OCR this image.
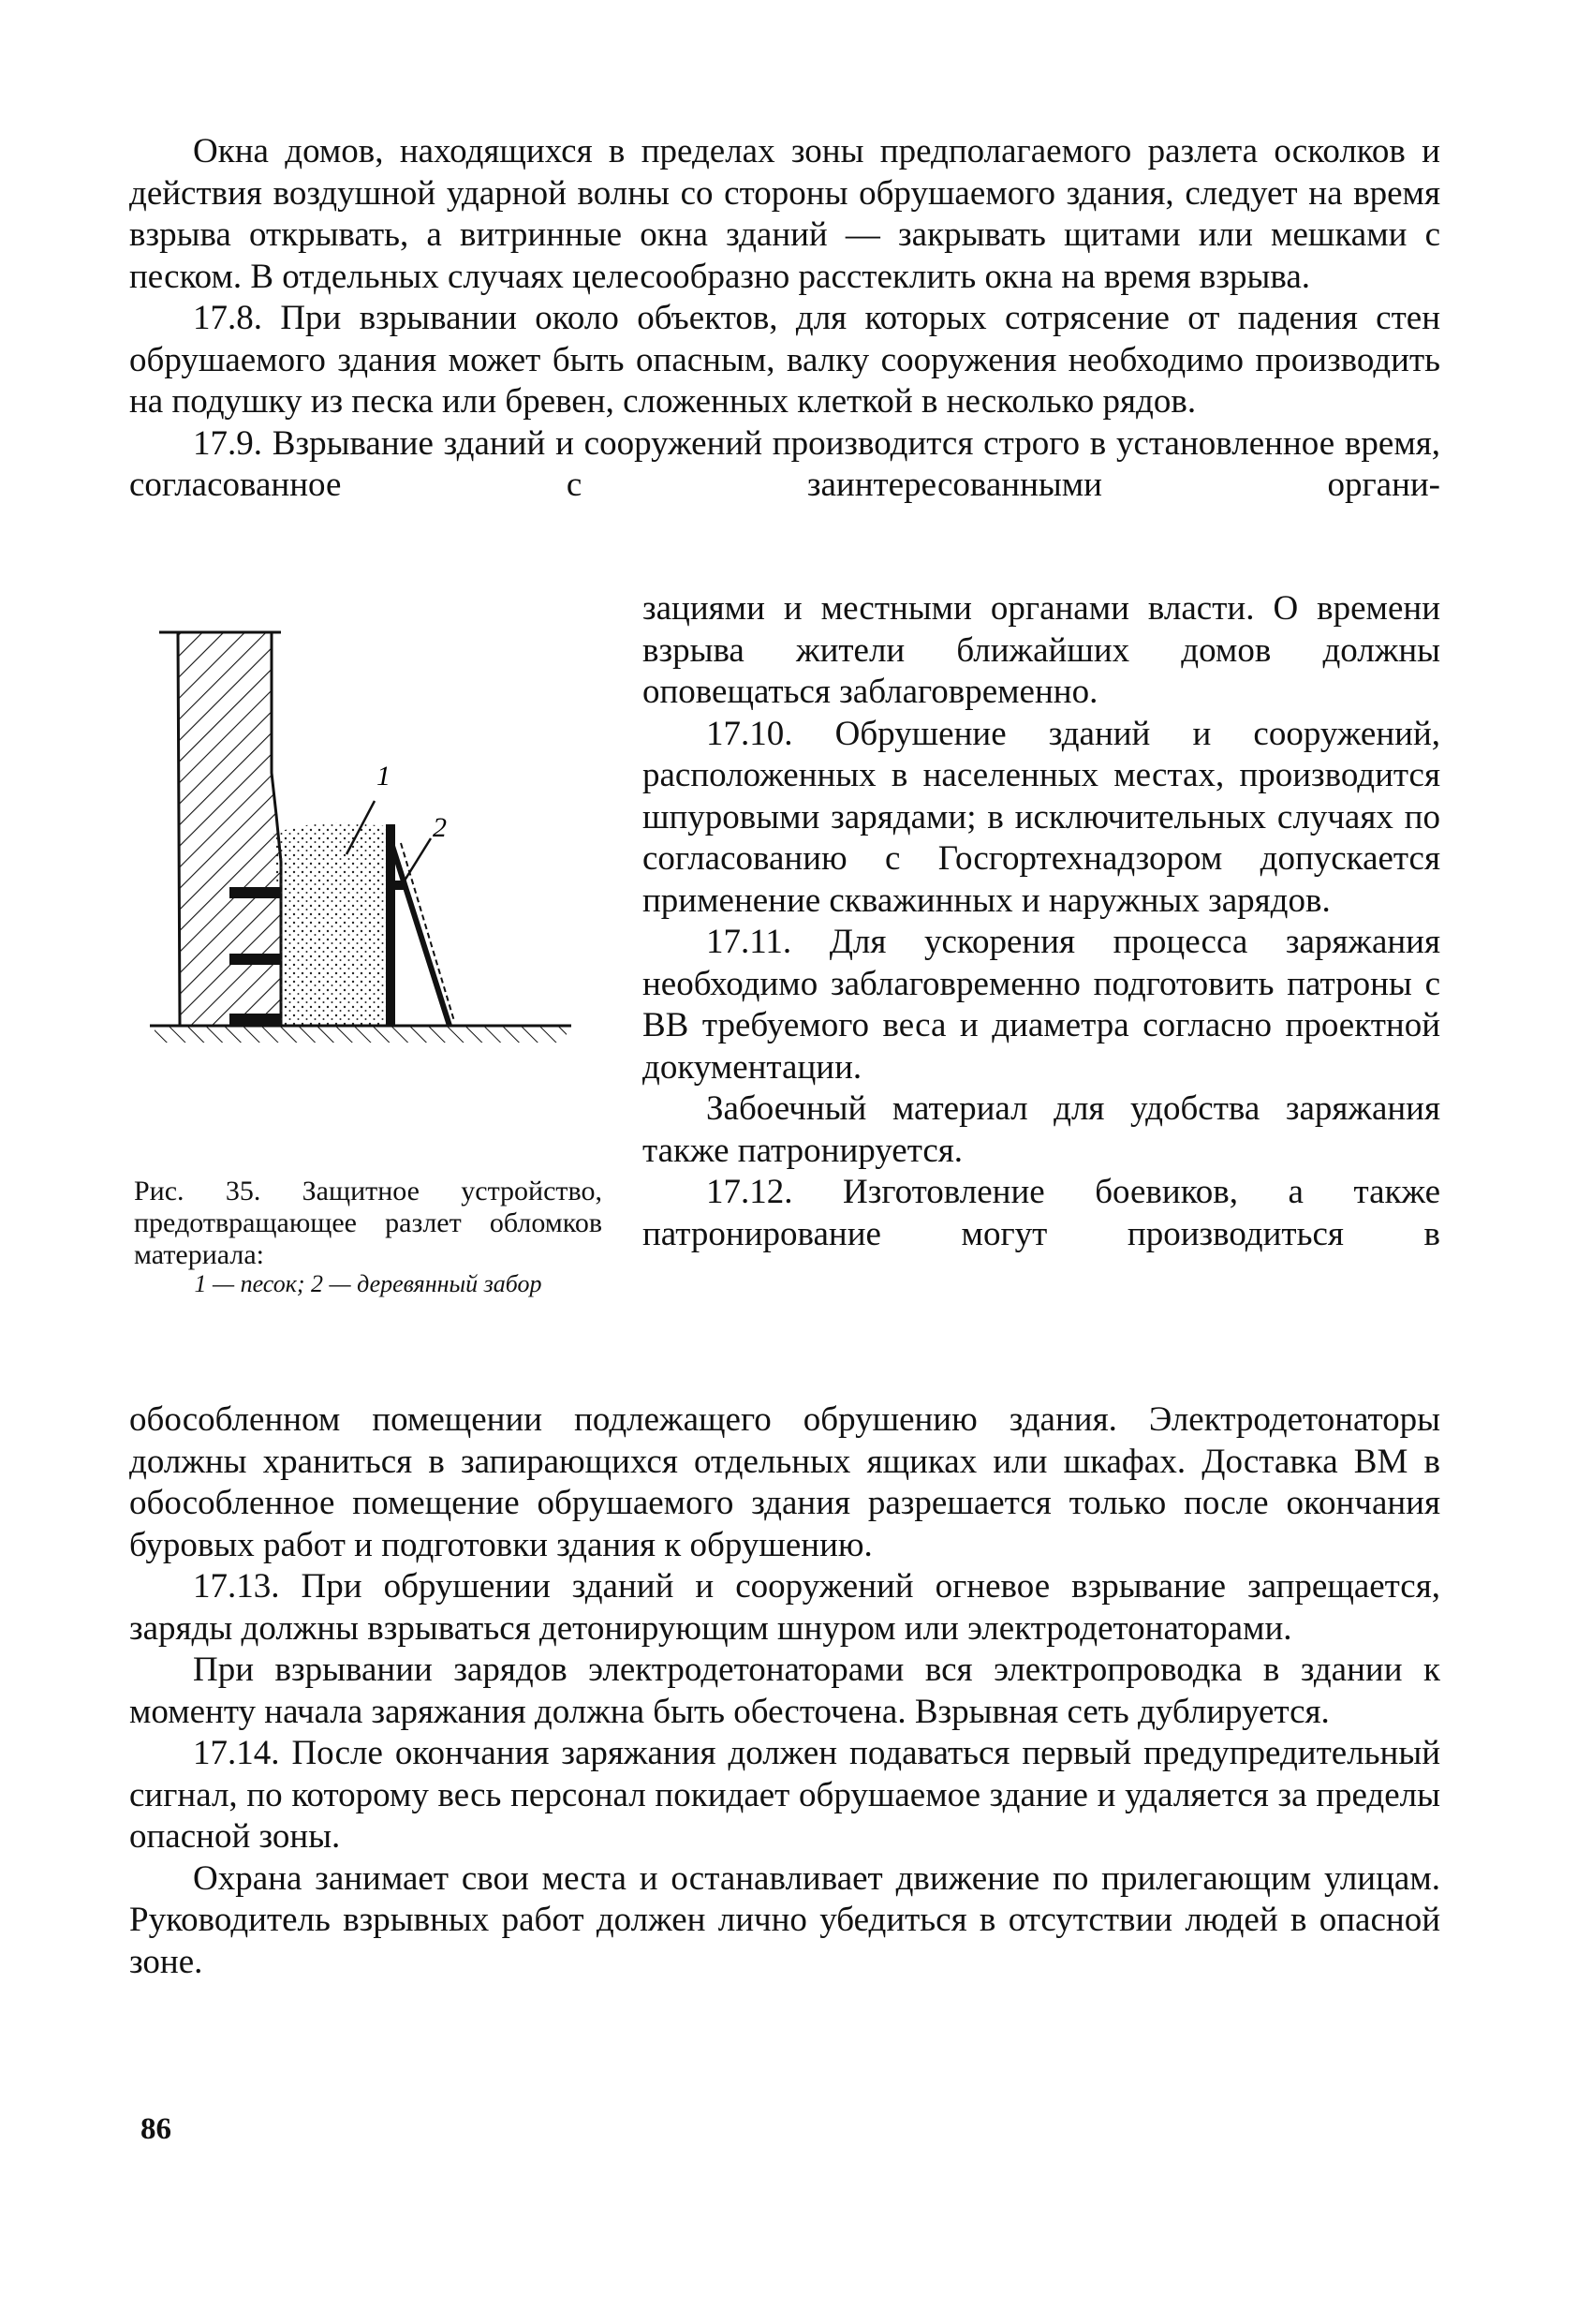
Окна домов, находящихся в пределах зоны предполагаемого разлета осколков и действия воздушной ударной волны со стороны обрушаемого здания, следует на время взрыва открывать, а витринные окна зданий — закрывать щитами или мешками с песком. В отдельных случаях целесообразно расстеклить окна на время взрыва.

17.8. При взрывании около объектов, для которых сотрясение от падения стен обрушаемого здания может быть опасным, валку сооружения необходимо производить на подушку из песка или бревен, сложенных клеткой в несколько рядов.

17.9. Взрывание зданий и сооружений производится строго в установленное время, согласованное с заинтересованными органи-

1
2

Рис. 35. Защитное устройство, предотвращающее разлет обломков материала:

1 — песок; 2 — деревянный забор

зациями и местными органами власти. О времени взрыва жители ближайших домов должны оповещаться заблаговременно.

17.10. Обрушение зданий и сооружений, расположенных в населенных местах, производится шпуровыми зарядами; в исключительных случаях по согласованию с Госгортехнадзором допускается применение скважинных и наружных зарядов.

17.11. Для ускорения процесса заряжания необходимо заблаговременно подготовить патроны с ВВ требуемого веса и диаметра согласно проектной документации.

Забоечный материал для удобства заряжания также патронируется.

17.12. Изготовление боевиков, а также патронирование могут производиться в

обособленном помещении подлежащего обрушению здания. Электродетонаторы должны храниться в запирающихся отдельных ящиках или шкафах. Доставка ВМ в обособленное помещение обрушаемого здания разрешается только после окончания буровых работ и подготовки здания к обрушению.

17.13. При обрушении зданий и сооружений огневое взрывание запрещается, заряды должны взрываться детонирующим шнуром или электродетонаторами.

При взрывании зарядов электродетонаторами вся электропроводка в здании к моменту начала заряжания должна быть обесточена. Взрывная сеть дублируется.

17.14. После окончания заряжания должен подаваться первый предупредительный сигнал, по которому весь персонал покидает обрушаемое здание и удаляется за пределы опасной зоны.

Охрана занимает свои места и останавливает движение по прилегающим улицам. Руководитель взрывных работ должен лично убедиться в отсутствии людей в опасной зоне.

86
